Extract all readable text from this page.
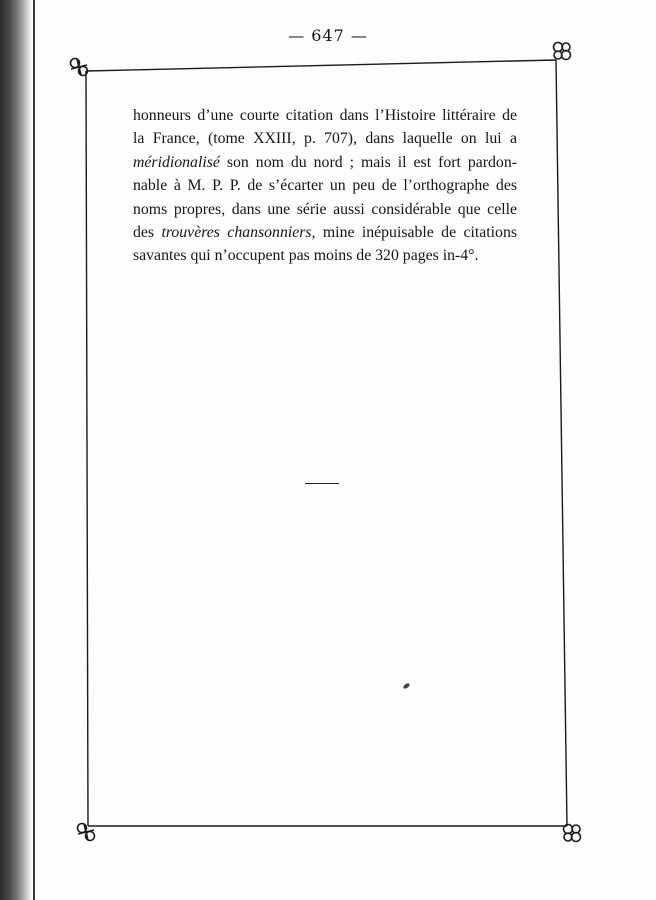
— 647 —
honneurs d’une courte citation dans l’Histoire littéraire de
la France, (tome XXIII, p. 707), dans laquelle on lui a
méridionalisé son nom du nord ; mais il est fort pardon-
nable à M. P. P. de s’écarter un peu de l’orthographe des
noms propres, dans une série aussi considérable que celle
des trouvères chansonniers, mine inépuisable de citations
savantes qui n’occupent pas moins de 320 pages in-4°.
